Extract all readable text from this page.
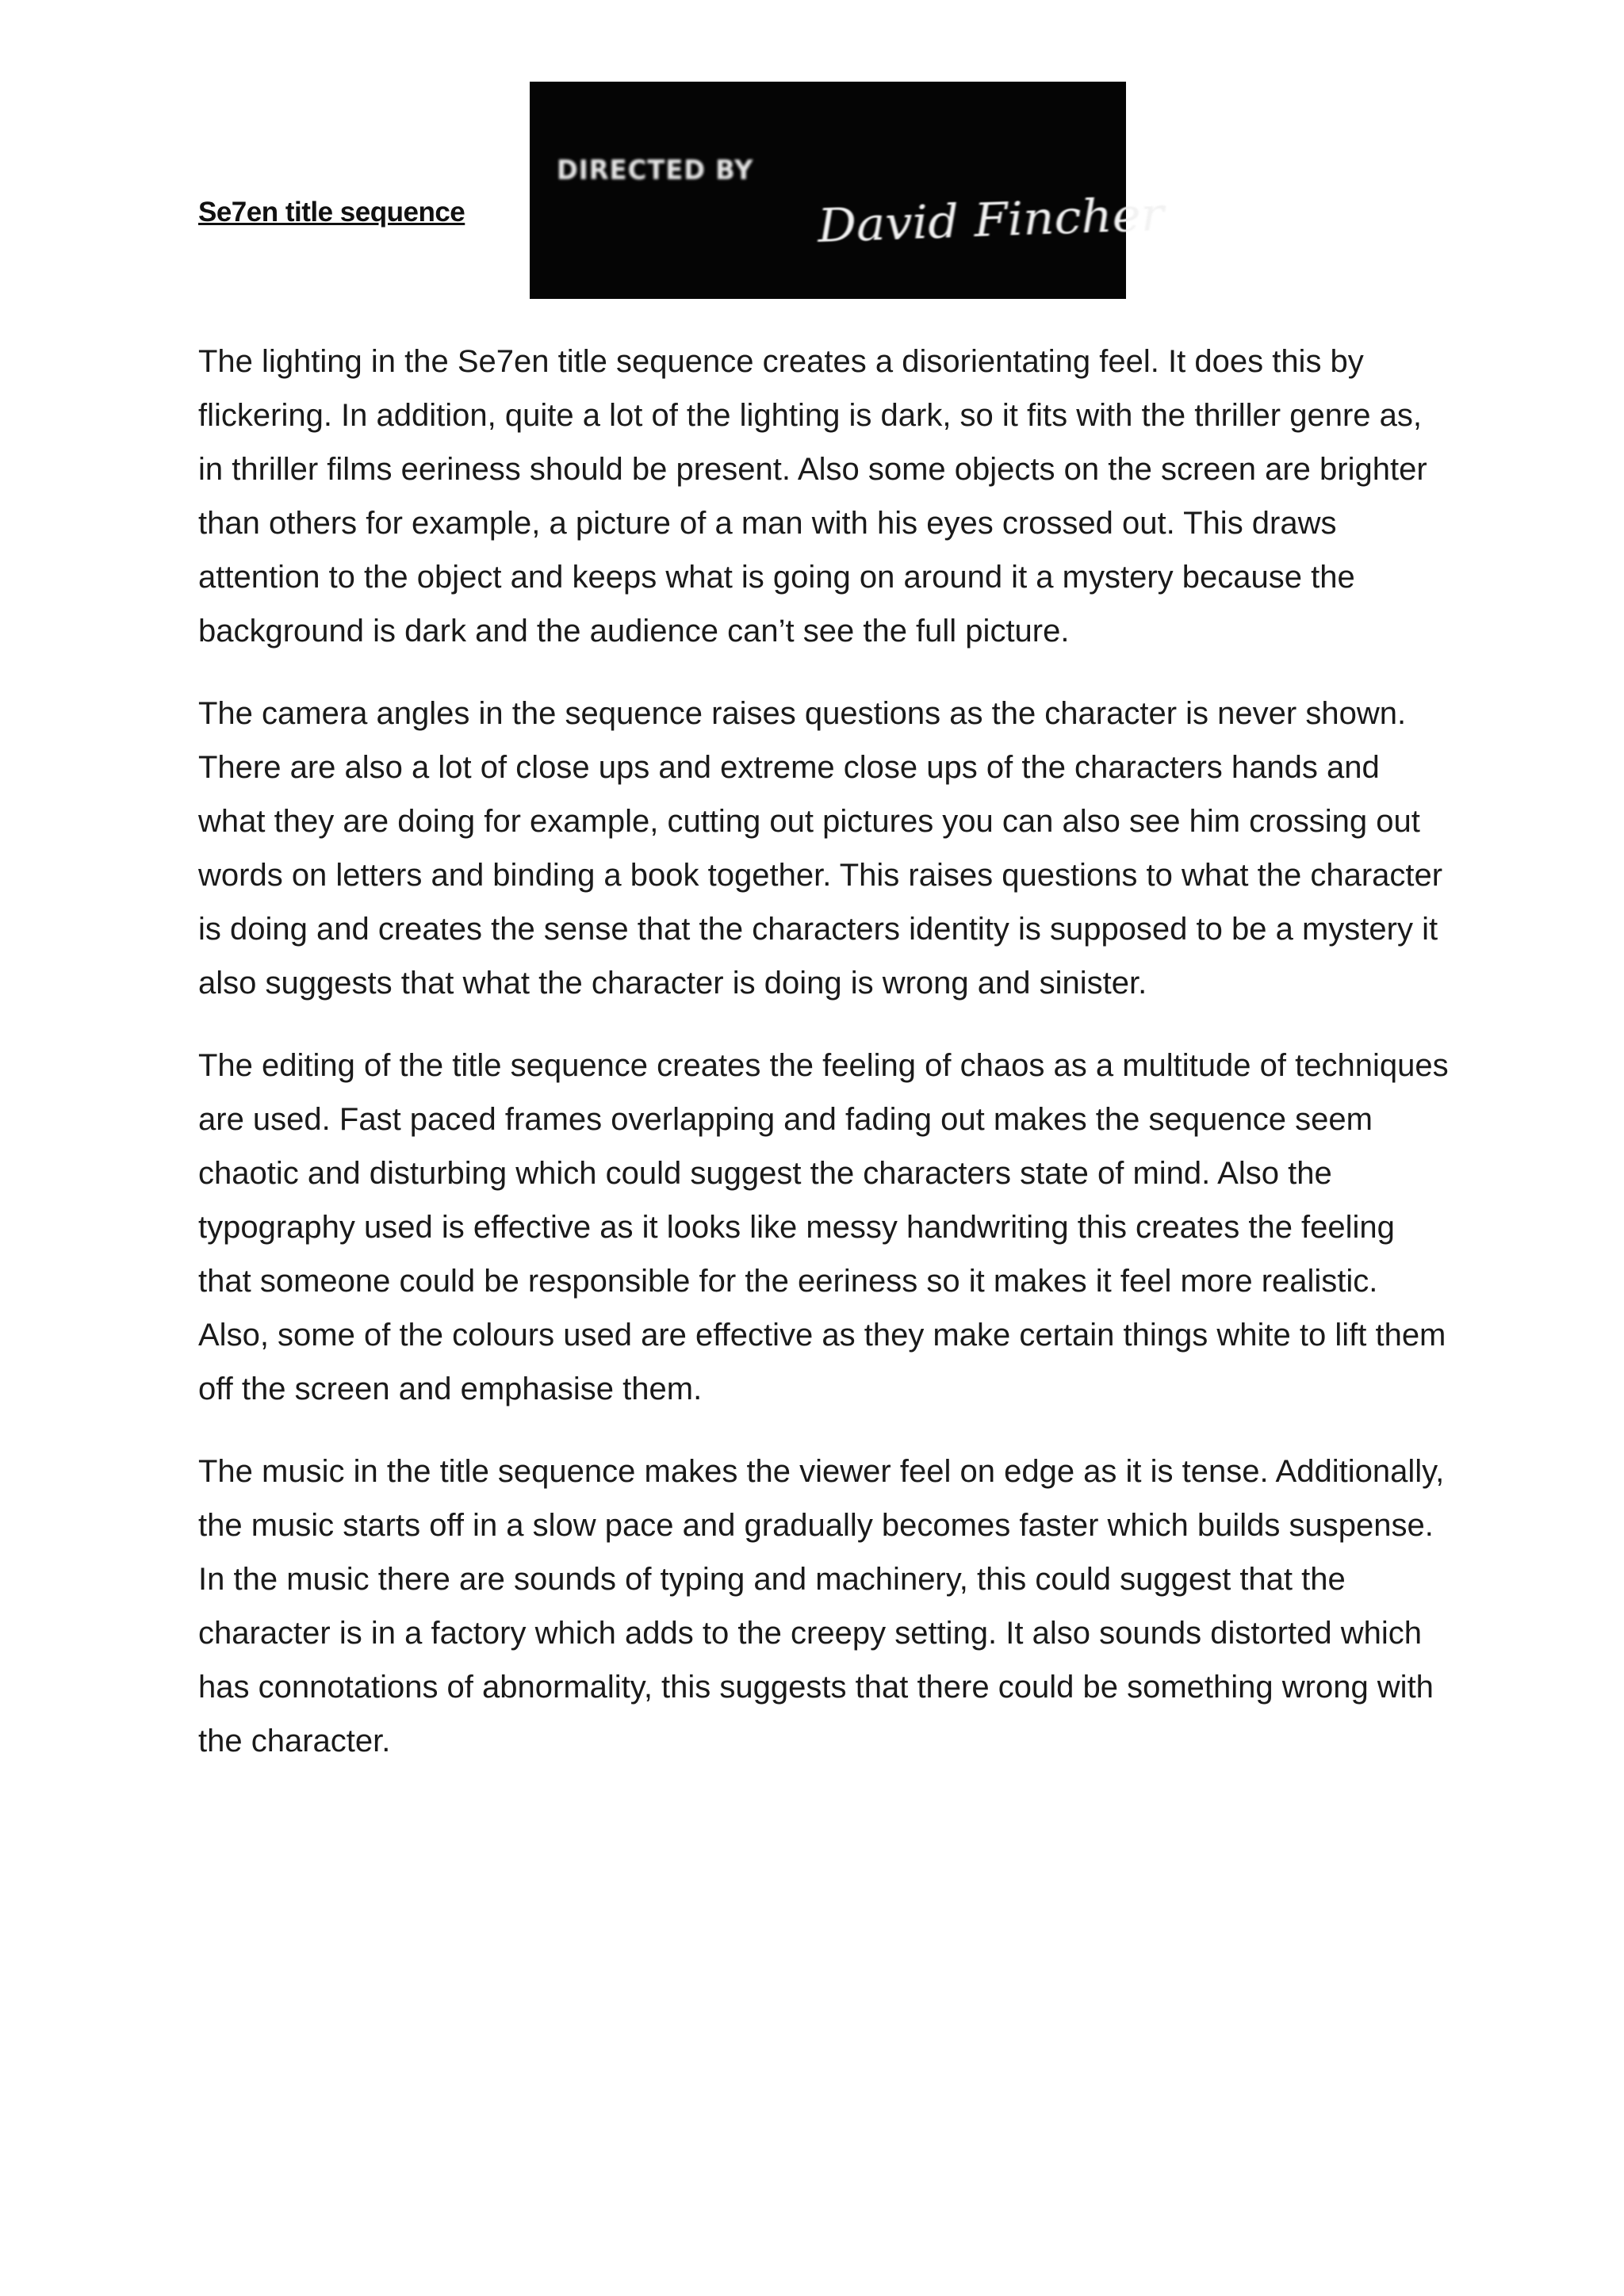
Se7en title sequence
DIRECTED BY
David Fincher

The lighting in the Se7en title sequence creates a disorientating feel. It does this by flickering. In addition, quite a lot of the lighting is dark, so it fits with the thriller genre as, in thriller films eeriness should be present. Also some objects on the screen are brighter than others for example, a picture of a man with his eyes crossed out. This draws attention to the object and keeps what is going on around it a mystery because the background is dark and the audience can’t see the full picture.

The camera angles in the sequence raises questions as the character is never shown. There are also a lot of close ups and extreme close ups of the characters hands and what they are doing for example, cutting out pictures you can also see him crossing out words on letters and binding a book together. This raises questions to what the character is doing and creates the sense that the characters identity is supposed to be a mystery it also suggests that what the character is doing is wrong and sinister.

The editing of the title sequence creates the feeling of chaos as a multitude of techniques are used. Fast paced frames overlapping and fading out makes the sequence seem chaotic and disturbing which could suggest the characters state of mind. Also the typography used is effective as it looks like messy handwriting this creates the feeling that someone could be responsible for the eeriness so it makes it feel more realistic. Also, some of the colours used are effective as they make certain things white to lift them off the screen and emphasise them.

The music in the title sequence makes the viewer feel on edge as it is tense. Additionally, the music starts off in a slow pace and gradually becomes faster which builds suspense. In the music there are sounds of typing and machinery, this could suggest that the character is in a factory which adds to the creepy setting. It also sounds distorted which has connotations of abnormality, this suggests that there could be something wrong with the character.
